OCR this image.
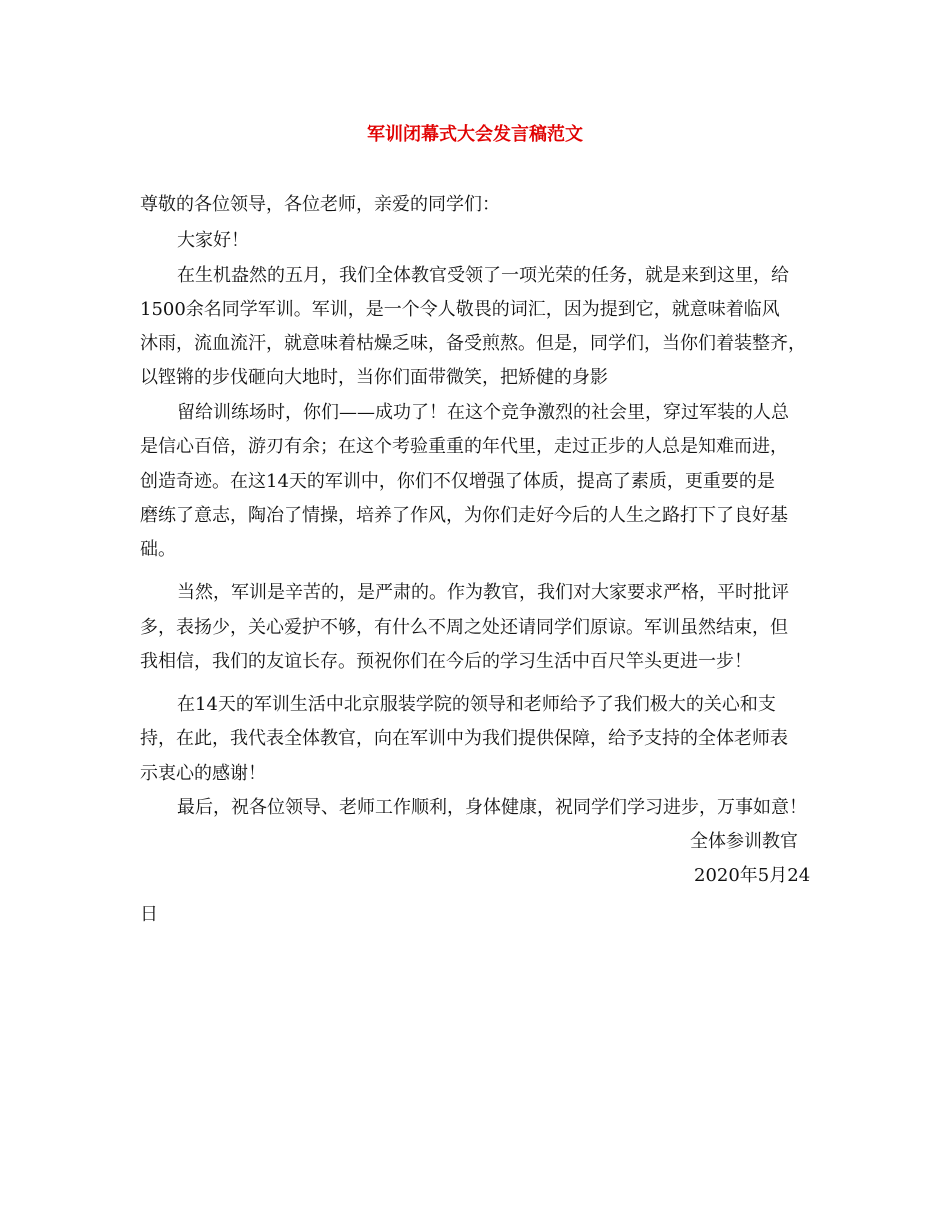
军训闭幕式大会发言稿范文
尊敬的各位领导，各位老师，亲爱的同学们：
大家好！
在生机盎然的五月，我们全体教官受领了一项光荣的任务，就是来到这里，给
1500余名同学军训。军训，是一个令人敬畏的词汇，因为提到它，就意味着临风
沐雨，流血流汗，就意味着枯燥乏味，备受煎熬。但是，同学们，当你们着装整齐，
以铿锵的步伐砸向大地时，当你们面带微笑，把矫健的身影
留给训练场时，你们——成功了！在这个竞争激烈的社会里，穿过军装的人总
是信心百倍，游刃有余；在这个考验重重的年代里，走过正步的人总是知难而进，
创造奇迹。在这14天的军训中，你们不仅增强了体质，提高了素质，更重要的是
磨练了意志，陶冶了情操，培养了作风，为你们走好今后的人生之路打下了良好基
础。
当然，军训是辛苦的，是严肃的。作为教官，我们对大家要求严格，平时批评
多，表扬少，关心爱护不够，有什么不周之处还请同学们原谅。军训虽然结束，但
我相信，我们的友谊长存。预祝你们在今后的学习生活中百尺竿头更进一步！
在14天的军训生活中北京服装学院的领导和老师给予了我们极大的关心和支
持，在此，我代表全体教官，向在军训中为我们提供保障，给予支持的全体老师表
示衷心的感谢！
最后，祝各位领导、老师工作顺利，身体健康，祝同学们学习进步，万事如意！
全体参训教官
2020年5月24
日
